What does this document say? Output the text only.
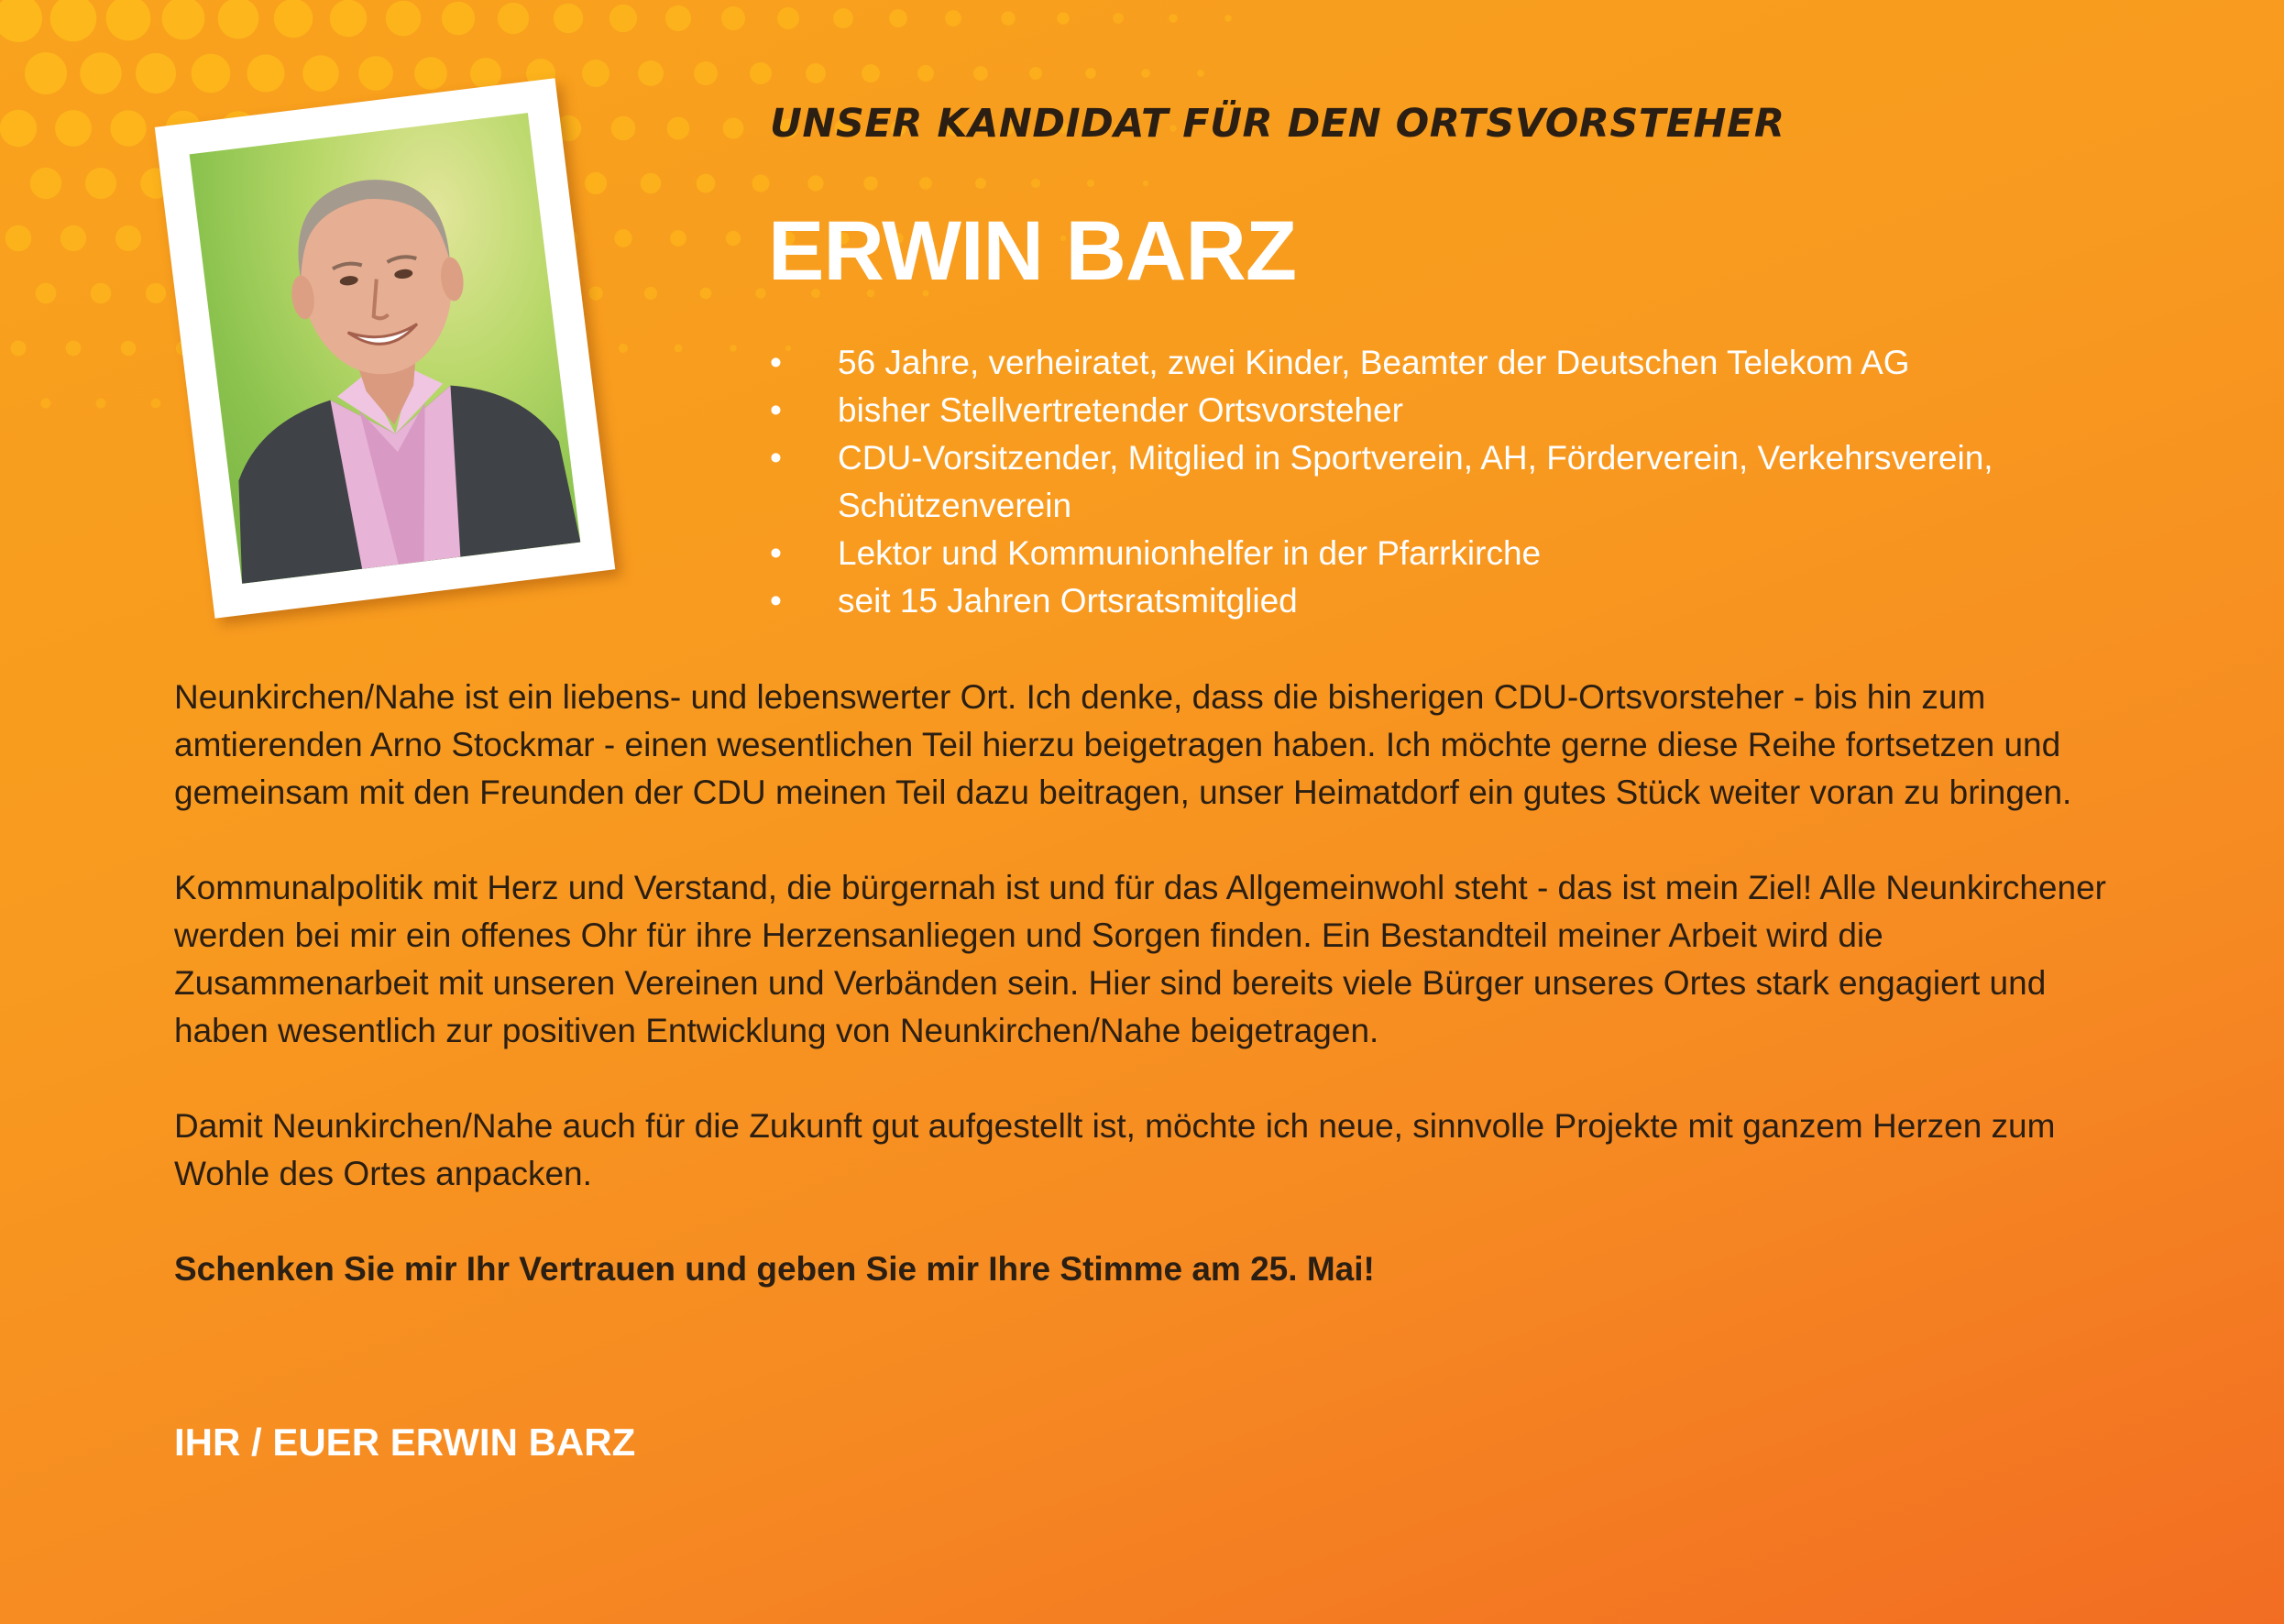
UNSER KANDIDAT FÜR DEN ORTSVORSTEHER
ERWIN BARZ
• 56 Jahre, verheiratet, zwei Kinder, Beamter der Deutschen Telekom AG
• bisher Stellvertretender Ortsvorsteher
• CDU-Vorsitzender, Mitglied in Sportverein, AH, Förderverein, Verkehrsverein, Schützenverein
• Lektor und Kommunionhelfer in der Pfarrkirche
• seit 15 Jahren Ortsratsmitglied

Neunkirchen/Nahe ist ein liebens- und lebenswerter Ort. Ich denke, dass die bisherigen CDU-Ortsvorsteher - bis hin zum amtierenden Arno Stockmar - einen wesentlichen Teil hierzu beigetragen haben. Ich möchte gerne diese Reihe fortsetzen und gemeinsam mit den Freunden der CDU meinen Teil dazu beitragen, unser Heimatdorf ein gutes Stück weiter voran zu bringen.

Kommunalpolitik mit Herz und Verstand, die bürgernah ist und für das Allgemeinwohl steht - das ist mein Ziel! Alle Neunkirchener werden bei mir ein offenes Ohr für ihre Herzensanliegen und Sorgen finden. Ein Bestandteil meiner Arbeit wird die Zusammenarbeit mit unseren Vereinen und Verbänden sein. Hier sind bereits viele Bürger unseres Ortes stark engagiert und haben wesentlich zur positiven Entwicklung von Neunkirchen/Nahe beigetragen.

Damit Neunkirchen/Nahe auch für die Zukunft gut aufgestellt ist, möchte ich neue, sinnvolle Projekte mit ganzem Herzen zum Wohle des Ortes anpacken.

Schenken Sie mir Ihr Vertrauen und geben Sie mir Ihre Stimme am 25. Mai!

IHR / EUER ERWIN BARZ
